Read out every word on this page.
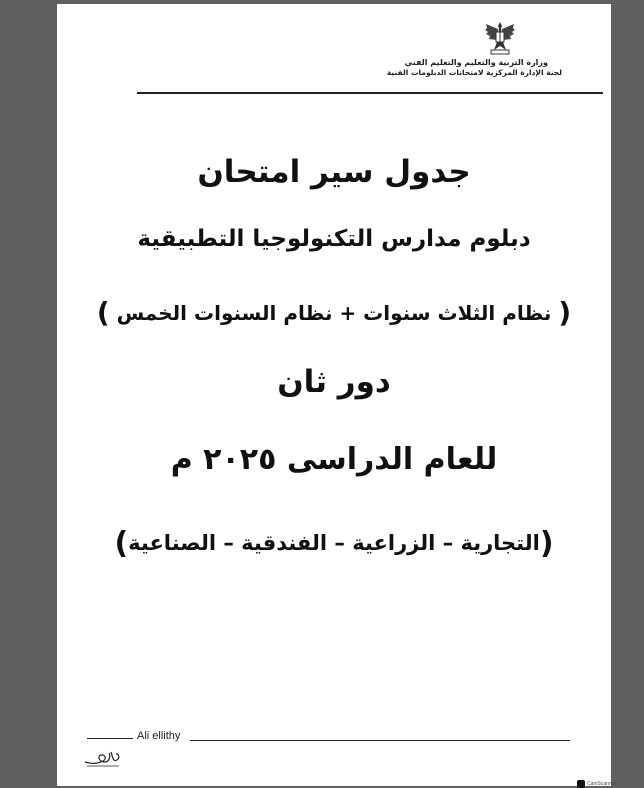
وزارة التربية والتعليم والتعليم الفني
لجنة الإدارة المركزية لامتحانات الدبلومات الفنية
جدول سير امتحان
دبلوم مدارس التكنولوجيا التطبيقية
( نظام الثلاث سنوات + نظام السنوات الخمس )
دور ثان
للعام الدراسى ٢٠٢٥ م
(التجارية – الزراعية – الفندقية – الصناعية)
Ali ellithy
CamScanner
